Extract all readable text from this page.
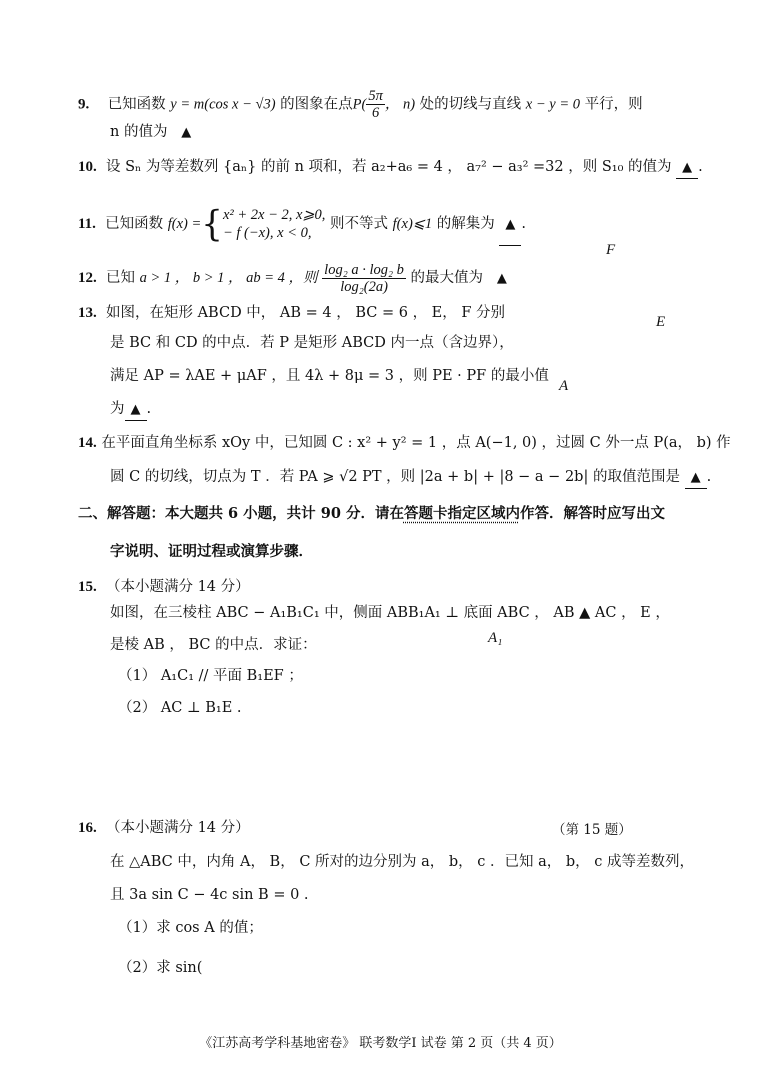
9. 已知函数 y = m(cos x − √3) 的图象在点$P( \frac{5\pi}{6}$ ， n) 处的切线与直线 x − y = 0 平行，则
n 的值为 ▲
10. 设 Sₙ 为等差数列 {aₙ} 的前 n 项和，若 a₂+a₆ = 4 ， a₇² − a₃² =32 ，则 S₁₀ 的值为 ▲ .
11. 已知函数 f(x) ={ x² + 2x − 2, x⩾0,
− f (−x), x < 0,
则不等式 f(x)⩽1 的解集为 ▲ .
F
12. 已知 a > 1 ， b > 1 ， ab = 4 ，则 $\frac{\text{log₂ a · log₂ b}}{\text{log₂(2a)}}$ 的最大值为 ▲
13. 如图，在矩形 ABCD 中， AB = 4 ， BC = 6 ， E， F 分别
E
是 BC 和 CD 的中点．若 P 是矩形 ABCD 内一点（含边界），
满足 AP = λAE + μAF ，且 4λ + 8μ = 3 ，则 PE · PF 的最小值
A
为 ▲ .
14. 在平面直角坐标系 xOy 中，已知圆 C : x² + y² = 1 ，点 A(−1, 0) ，过圆 C 外一点 P(a， b) 作
圆 C 的切线，切点为 T ．若 PA ⩾ √2 PT ，则 |2a + b| + |8 − a − 2b| 的取值范围是 ▲ .
二、解答题：本大题共 6 小题，共计 90 分．请在答题卡指定区域内作答．解答时应写出文
字说明、证明过程或演算步骤．
15. （本小题满分 14 分）
如图，在三棱柱 ABC − A₁B₁C₁ 中，侧面 ABB₁A₁ ⊥ 底面 ABC ， AB ▲ AC ， E ，
A₁
是棱 AB ， BC 的中点．求证：
（1） A₁C₁ // 平面 B₁EF ；
（2） AC ⊥ B₁E .
16. （本小题满分 14 分）	（第 15 题）
在 △ABC 中，内角 A， B， C 所对的边分别为 a， b， c ．已知 a， b， c 成等差数列，
且 3a sin C − 4c sin B = 0 .
（1）求 cos A 的值；
（2）求 sin(
《江苏高考学科基地密卷》 联考数学Ⅰ 试卷 第 2 页（共 4 页）
